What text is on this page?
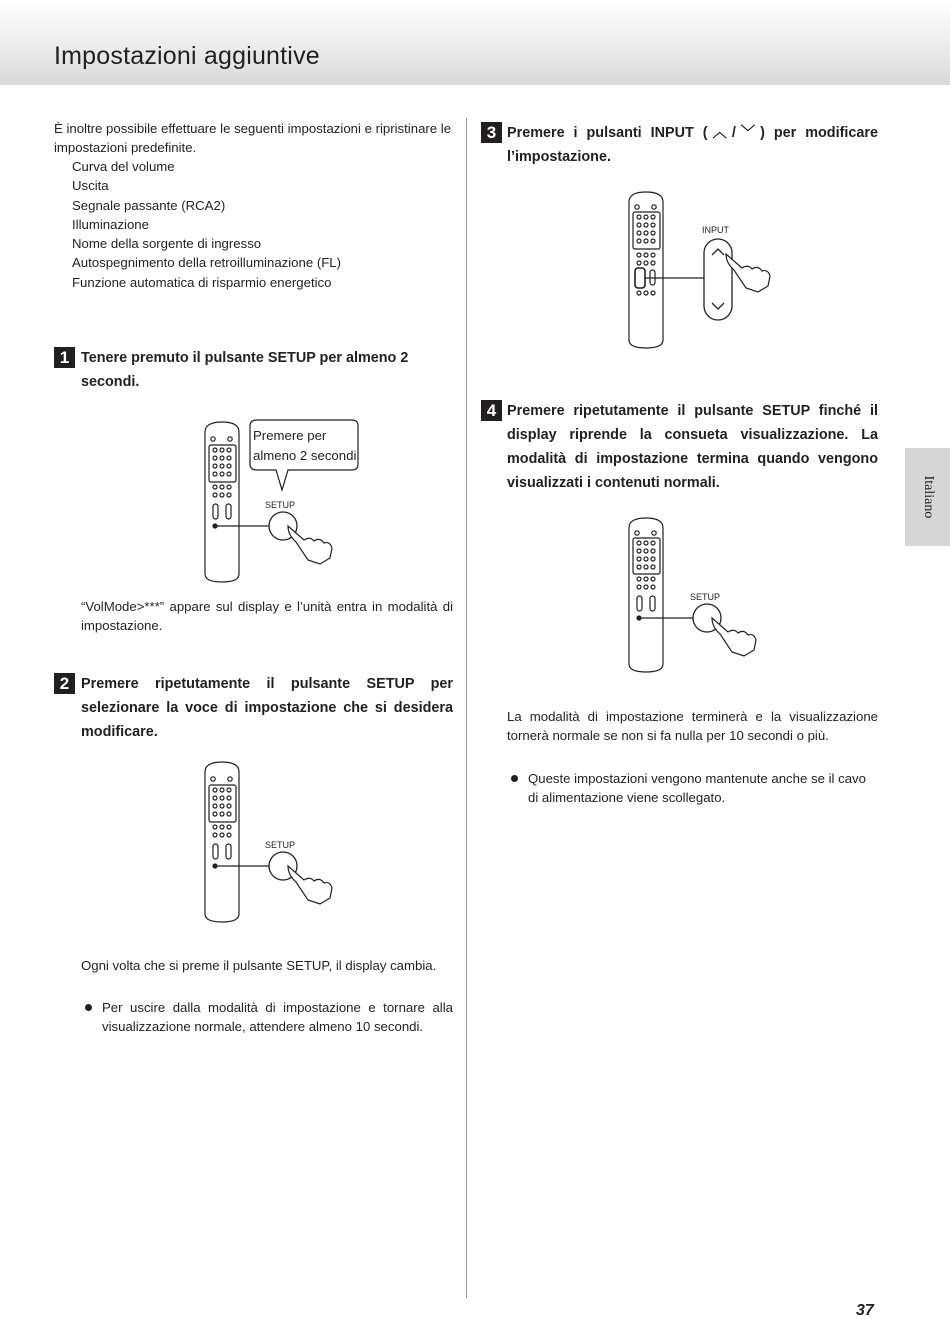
Impostazioni aggiuntive
Italiano

È inoltre possibile effettuare le seguenti impostazioni e ripristinare le impostazioni predefinite.

Curva del volume
Uscita
Segnale passante (RCA2)
Illuminazione
Nome della sorgente di ingresso
Autospegnimento della retroilluminazione (FL)
Funzione automatica di risparmio energetico
1 Tenere premuto il pulsante SETUP per almeno 2 secondi.

SETUP
Premere per
almeno 2 secondi

“VolMode>***” appare sul display e l’unità entra in modalità di impostazione.

2 Premere ripetutamente il pulsante SETUP per selezionare la voce di impostazione che si desidera modificare.

SETUP

Ogni volta che si preme il pulsante SETUP, il display cambia.

Per uscire dalla modalità di impostazione e tornare alla visualizzazione normale, attendere almeno 10 secondi.

3 Premere i pulsanti INPUT (︿/﹀) per modificare l’impostazione.

INPUT
4 Premere ripetutamente il pulsante SETUP finché il display riprende la consueta visualizzazione. La modalità di impostazione termina quando vengono visualizzati i contenuti normali.

SETUP

La modalità di impostazione terminerà e la visualizzazione tornerà normale se non si fa nulla per 10 secondi o più.

Queste impostazioni vengono mantenute anche se il cavo di alimentazione viene scollegato.

37
